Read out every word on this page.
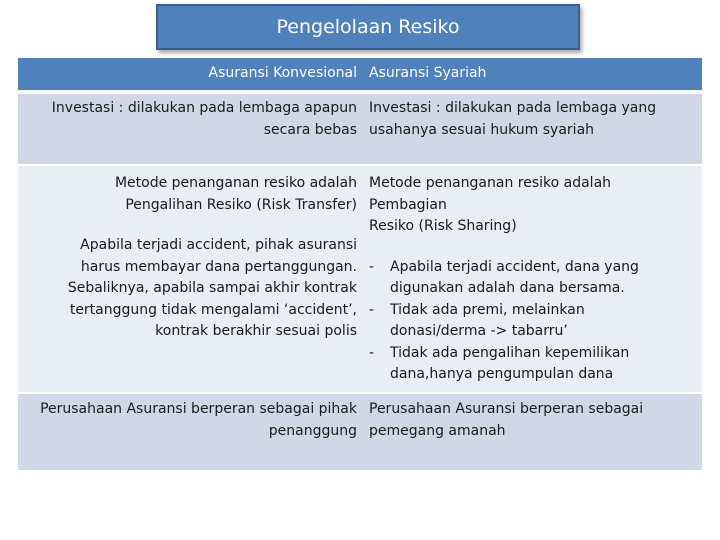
Pengelolaan Resiko
Asuransi Konvesional Asuransi Syariah
Investasi : dilakukan pada lembaga apapun
secara bebas
Investasi : dilakukan pada lembaga yang
usahanya sesuai hukum syariah
Metode penanganan resiko adalah
Pengalihan Resiko (Risk Transfer)
Apabila terjadi accident, pihak asuransi
harus membayar dana pertanggungan.
Sebaliknya, apabila sampai akhir kontrak
tertanggung tidak mengalami ‘accident’,
kontrak berakhir sesuai polis
Metode penanganan resiko adalah
Pembagian
Resiko (Risk Sharing)
- Apabila terjadi accident, dana yang
digunakan adalah dana bersama.
- Tidak ada premi, melainkan
donasi/derma -> tabarru’
- Tidak ada pengalihan kepemilikan
dana,hanya pengumpulan dana
Perusahaan Asuransi berperan sebagai pihak
penanggung
Perusahaan Asuransi berperan sebagai
pemegang amanah
